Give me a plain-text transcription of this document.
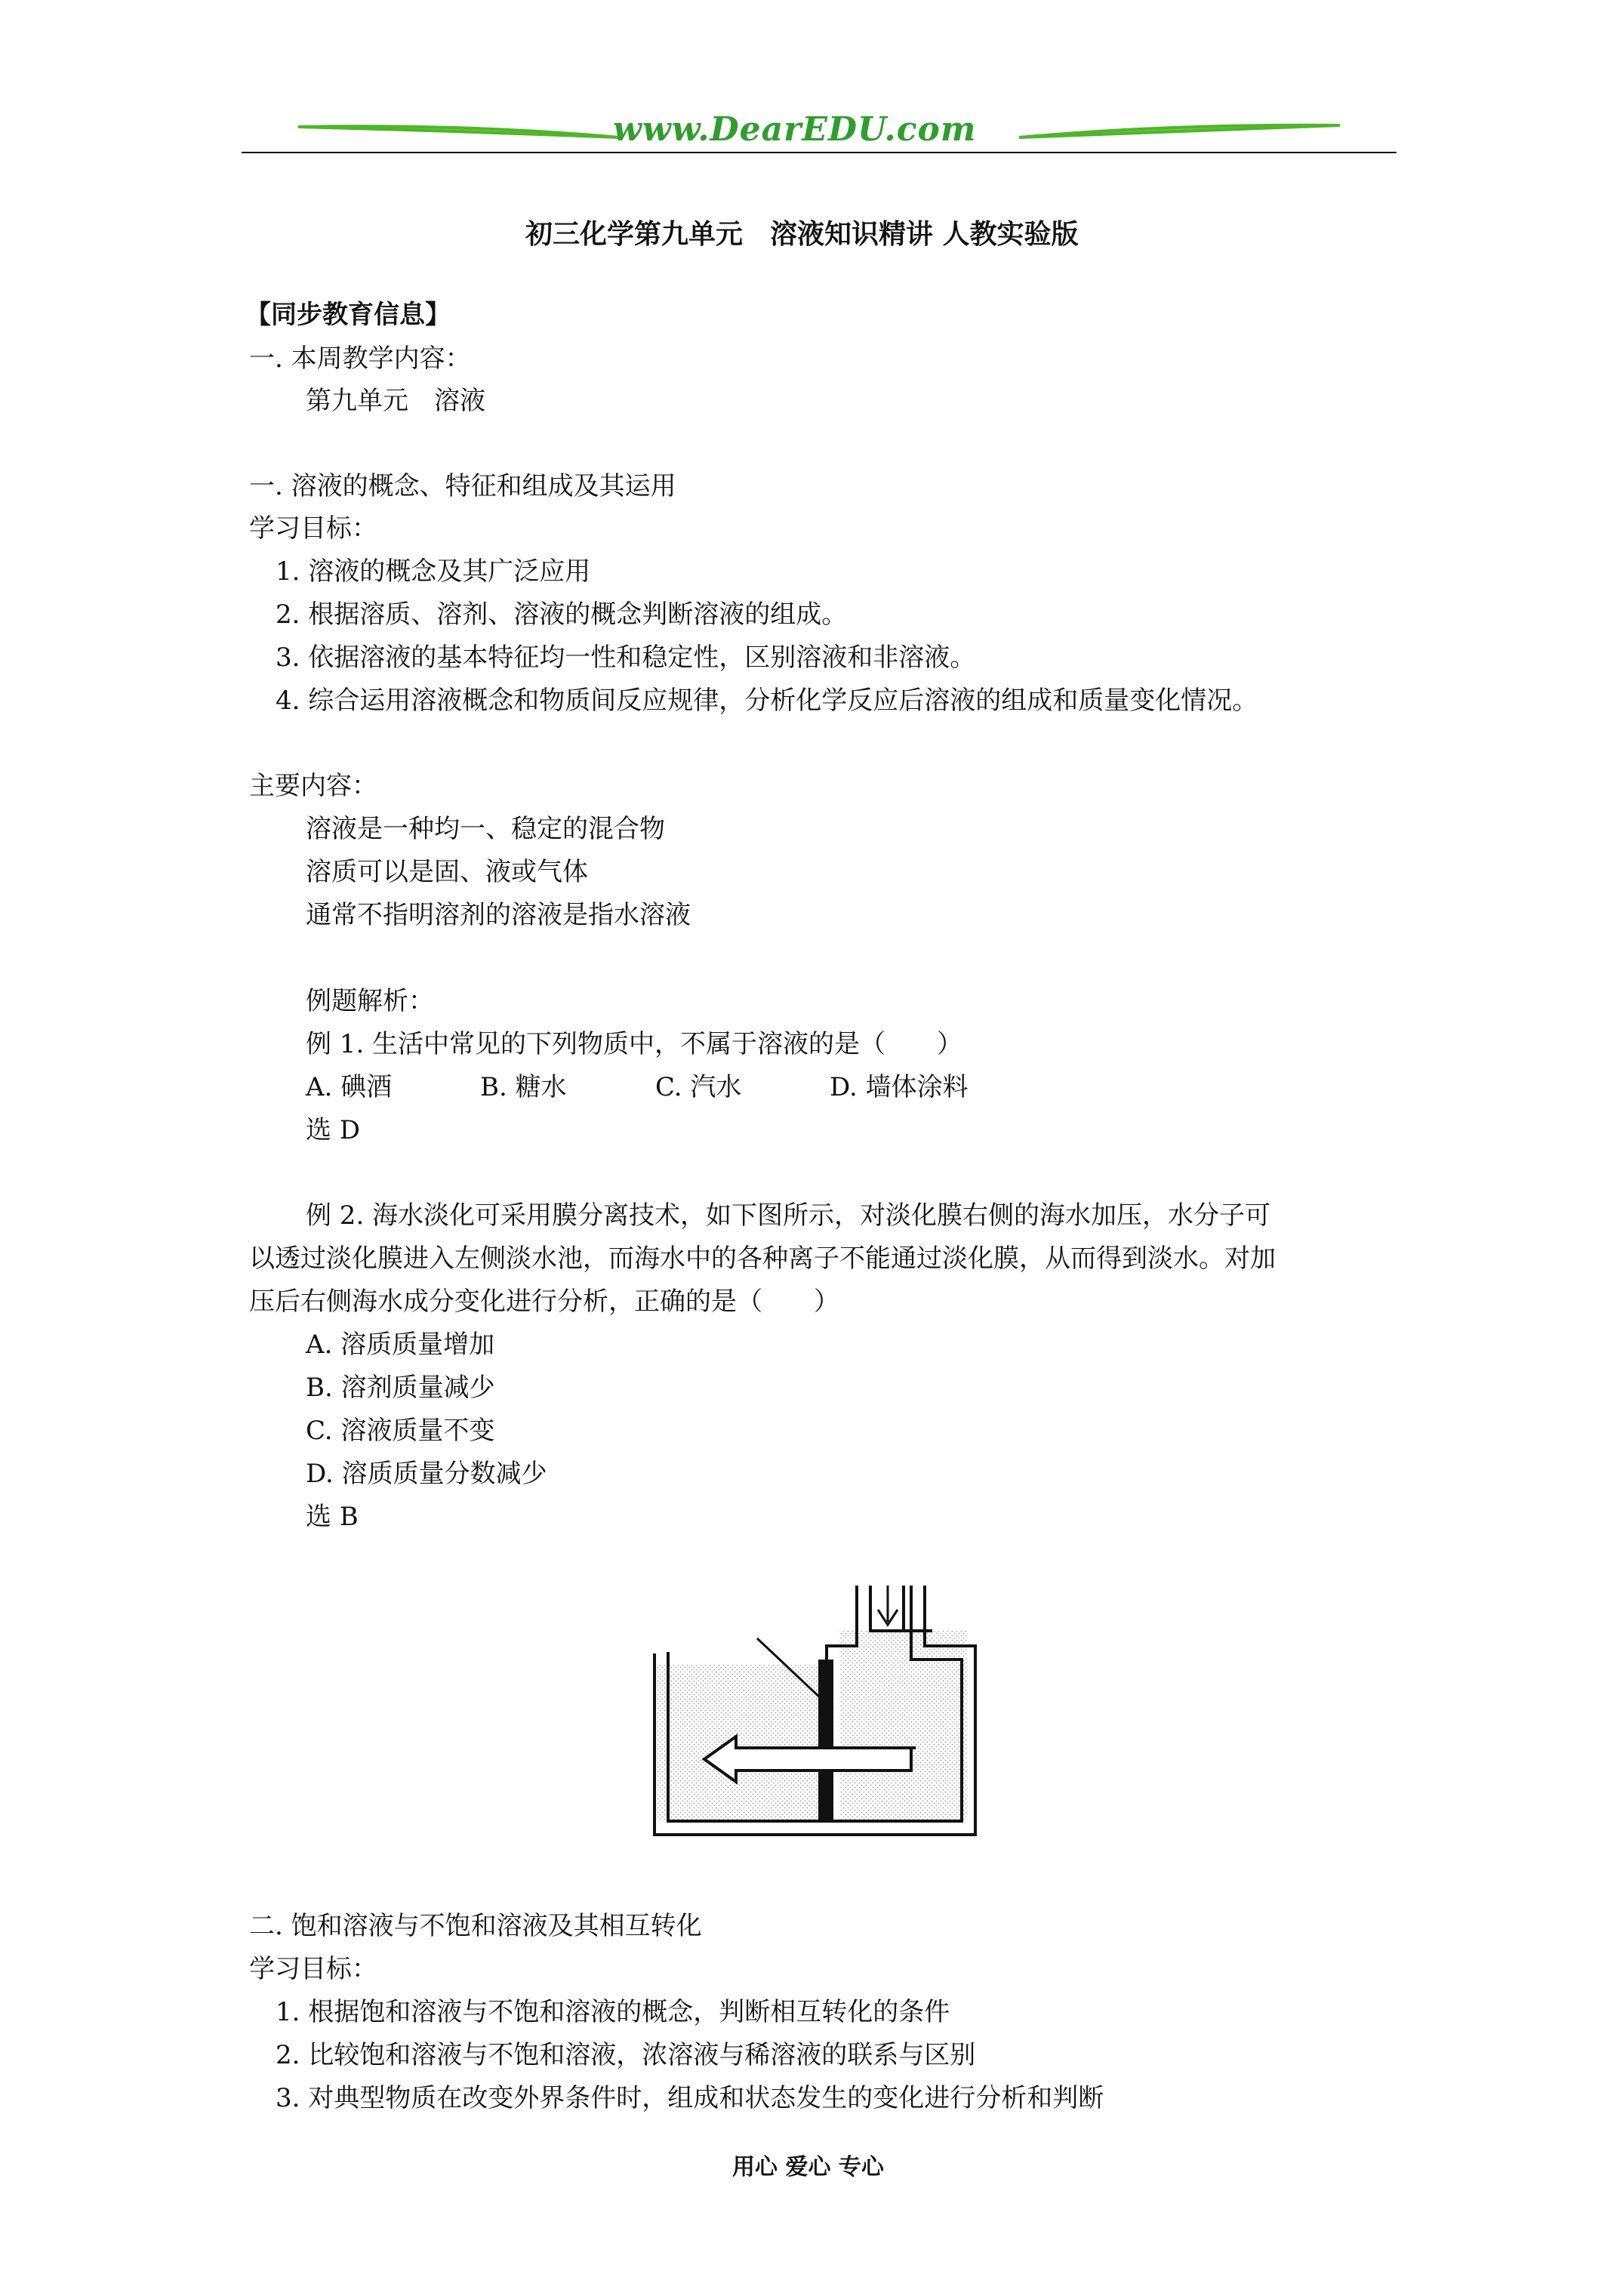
www.DearEDU.com
初三化学第九单元　溶液知识精讲 人教实验版
【同步教育信息】
一. 本周教学内容：
第九单元　溶液
一. 溶液的概念、特征和组成及其运用
学习目标：
1. 溶液的概念及其广泛应用
2. 根据溶质、溶剂、溶液的概念判断溶液的组成。
3. 依据溶液的基本特征均一性和稳定性，区别溶液和非溶液。
4. 综合运用溶液概念和物质间反应规律，分析化学反应后溶液的组成和质量变化情况。
主要内容：
溶液是一种均一、稳定的混合物
溶质可以是固、液或气体
通常不指明溶剂的溶液是指水溶液
例题解析：
例 1. 生活中常见的下列物质中，不属于溶液的是（　　）
A. 碘酒	B. 糖水	C. 汽水	D. 墙体涂料
选 D
例 2. 海水淡化可采用膜分离技术，如下图所示，对淡化膜右侧的海水加压，水分子可
以透过淡化膜进入左侧淡水池，而海水中的各种离子不能通过淡化膜，从而得到淡水。对加
压后右侧海水成分变化进行分析，正确的是（　　）
A. 溶质质量增加
B. 溶剂质量减少
C. 溶液质量不变
D. 溶质质量分数减少
选 B
二. 饱和溶液与不饱和溶液及其相互转化
学习目标：
1. 根据饱和溶液与不饱和溶液的概念，判断相互转化的条件
2. 比较饱和溶液与不饱和溶液，浓溶液与稀溶液的联系与区别
3. 对典型物质在改变外界条件时，组成和状态发生的变化进行分析和判断
用心 爱心 专心
